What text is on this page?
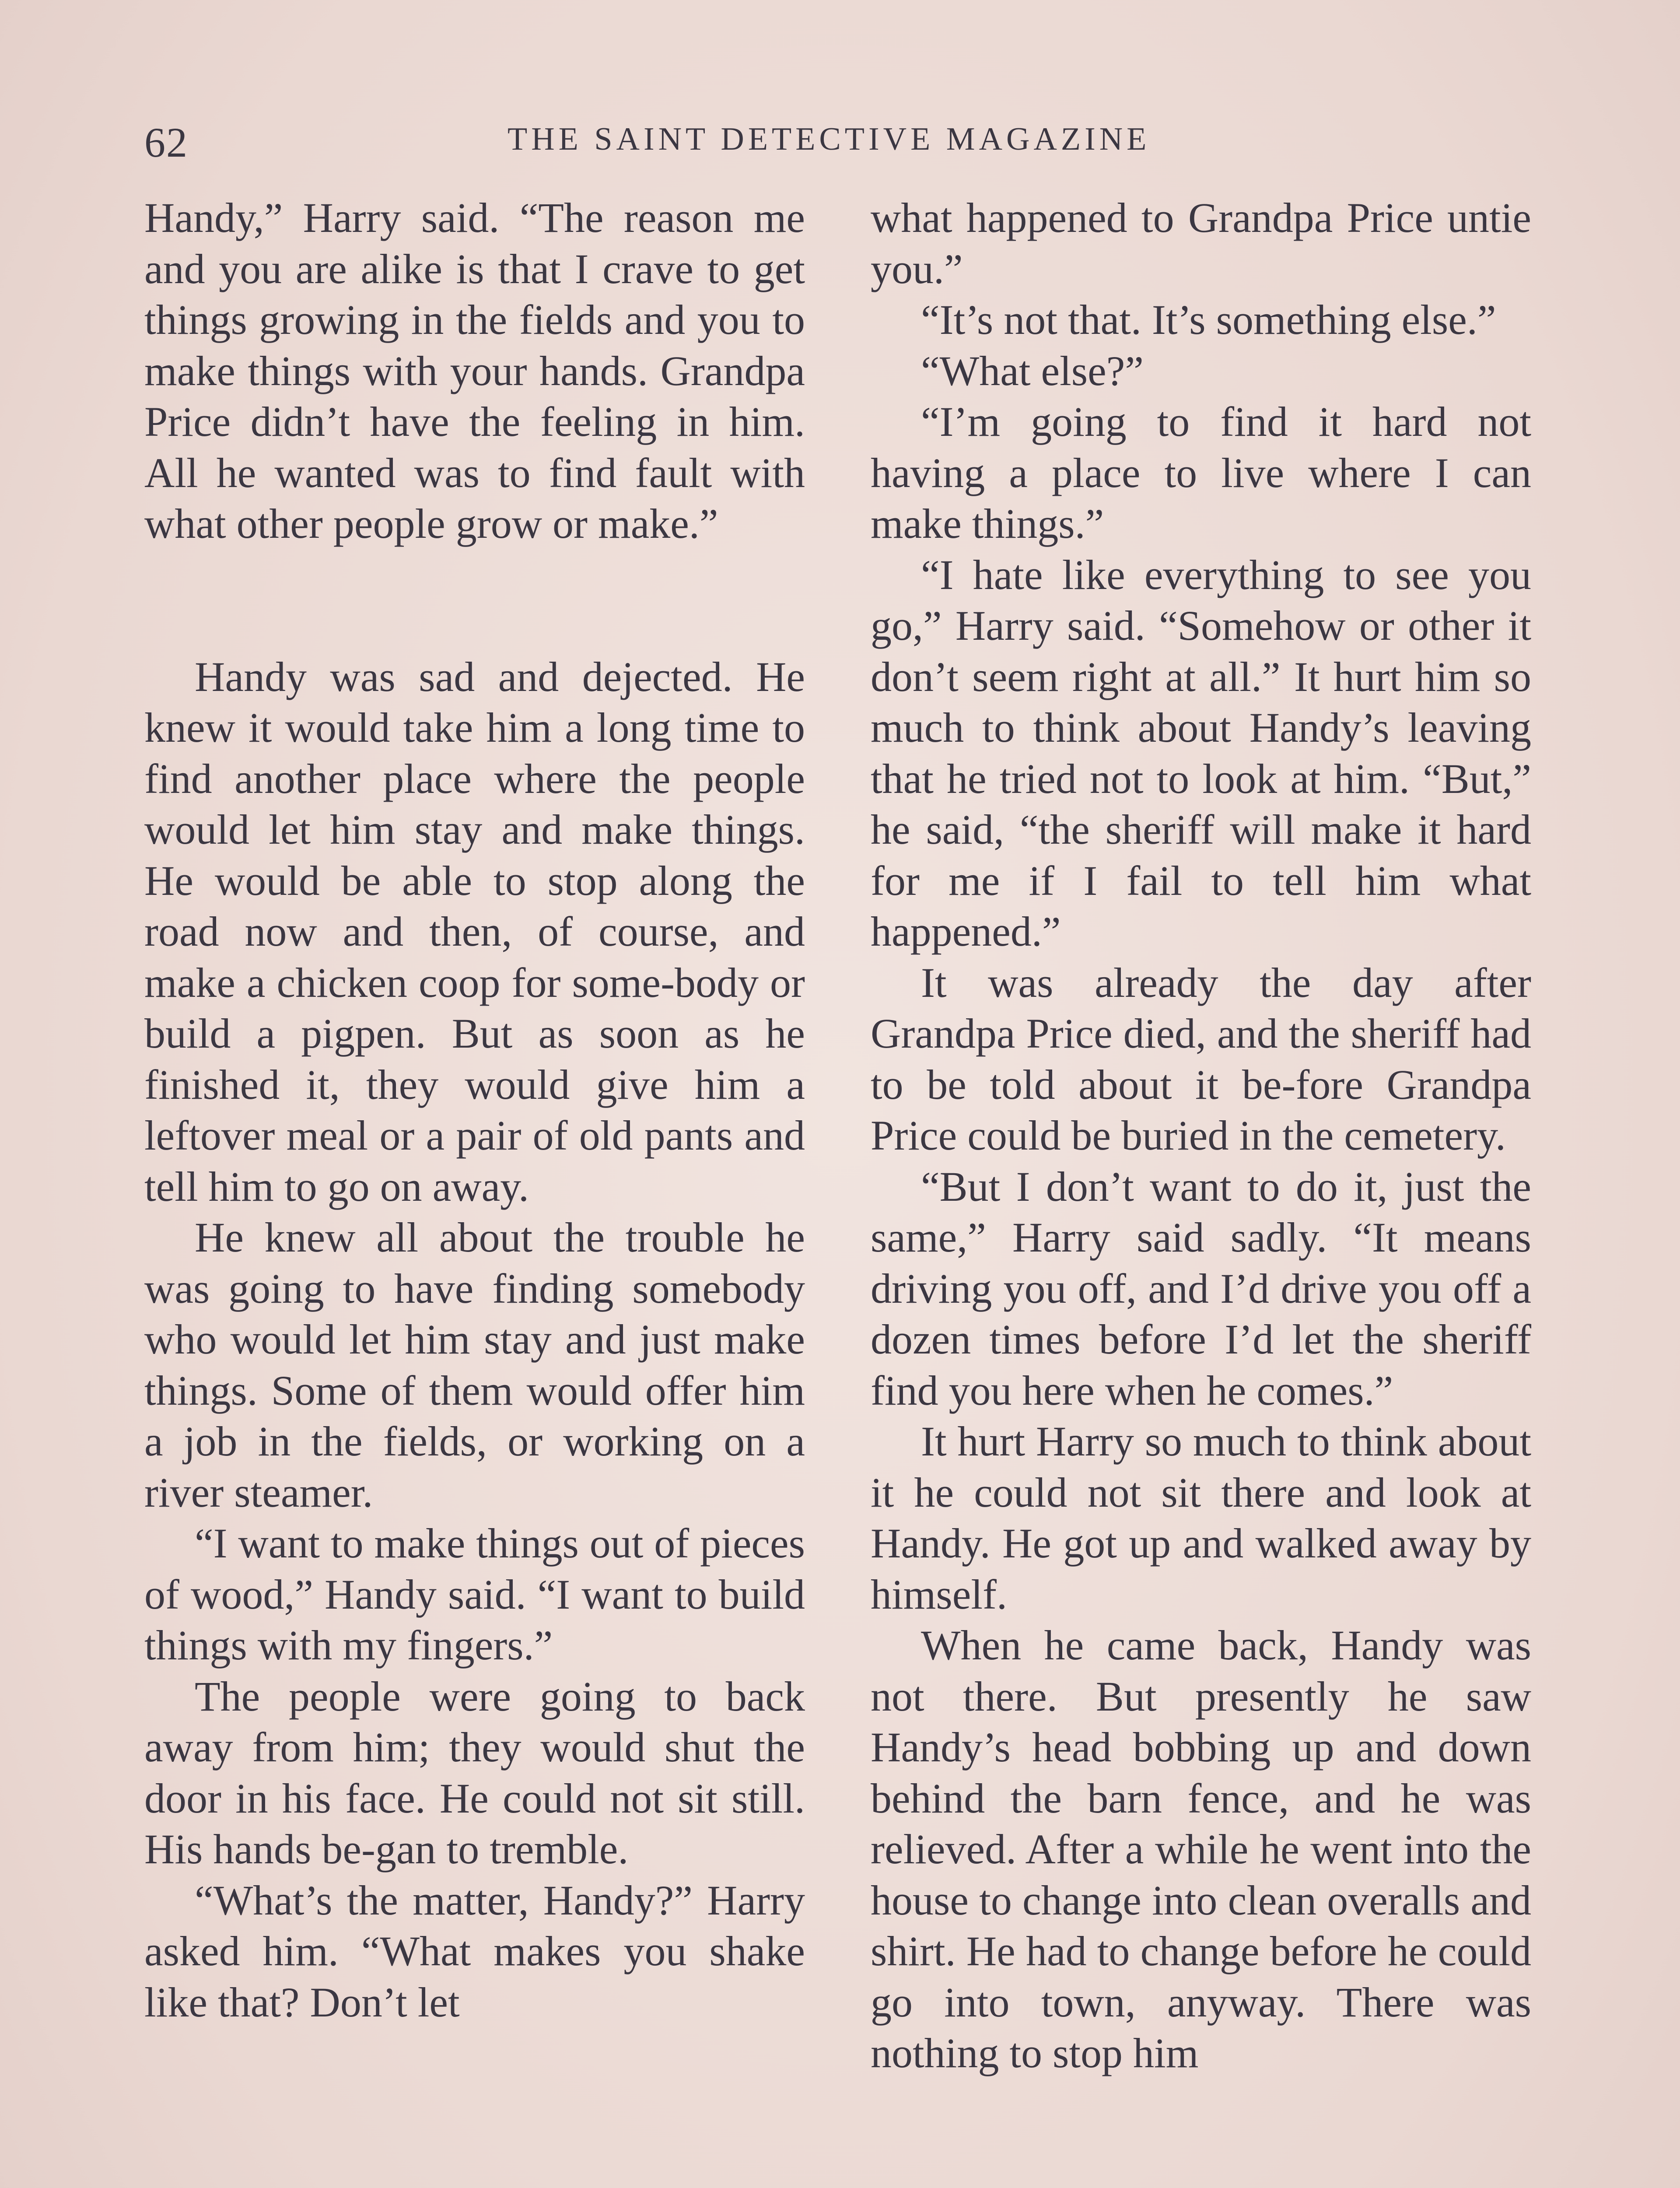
62	THE SAINT DETECTIVE MAGAZINE

Handy,” Harry said. “The reason me and you are alike is that I crave to get things growing in the fields and you to make things with your hands. Grandpa Price didn’t have the feeling in him. All he wanted was to find fault with what other people grow or make.”

Handy was sad and dejected. He knew it would take him a long time to find another place where the people would let him stay and make things. He would be able to stop along the road now and then, of course, and make a chicken coop for some-body or build a pigpen. But as soon as he finished it, they would give him a leftover meal or a pair of old pants and tell him to go on away.

He knew all about the trouble he was going to have finding somebody who would let him stay and just make things. Some of them would offer him a job in the fields, or working on a river steamer.

“I want to make things out of pieces of wood,” Handy said. “I want to build things with my fingers.”

The people were going to back away from him; they would shut the door in his face. He could not sit still. His hands be-gan to tremble.

“What’s the matter, Handy?” Harry asked him. “What makes you shake like that? Don’t let

what happened to Grandpa Price untie you.”

“It’s not that. It’s something else.”

“What else?”

“I’m going to find it hard not having a place to live where I can make things.”

“I hate like everything to see you go,” Harry said. “Somehow or other it don’t seem right at all.” It hurt him so much to think about Handy’s leaving that he tried not to look at him. “But,” he said, “the sheriff will make it hard for me if I fail to tell him what happened.”

It was already the day after Grandpa Price died, and the sheriff had to be told about it be-fore Grandpa Price could be buried in the cemetery.

“But I don’t want to do it, just the same,” Harry said sadly. “It means driving you off, and I’d drive you off a dozen times before I’d let the sheriff find you here when he comes.”

It hurt Harry so much to think about it he could not sit there and look at Handy. He got up and walked away by himself.

When he came back, Handy was not there. But presently he saw Handy’s head bobbing up and down behind the barn fence, and he was relieved. After a while he went into the house to change into clean overalls and shirt. He had to change before he could go into town, anyway. There was nothing to stop him
